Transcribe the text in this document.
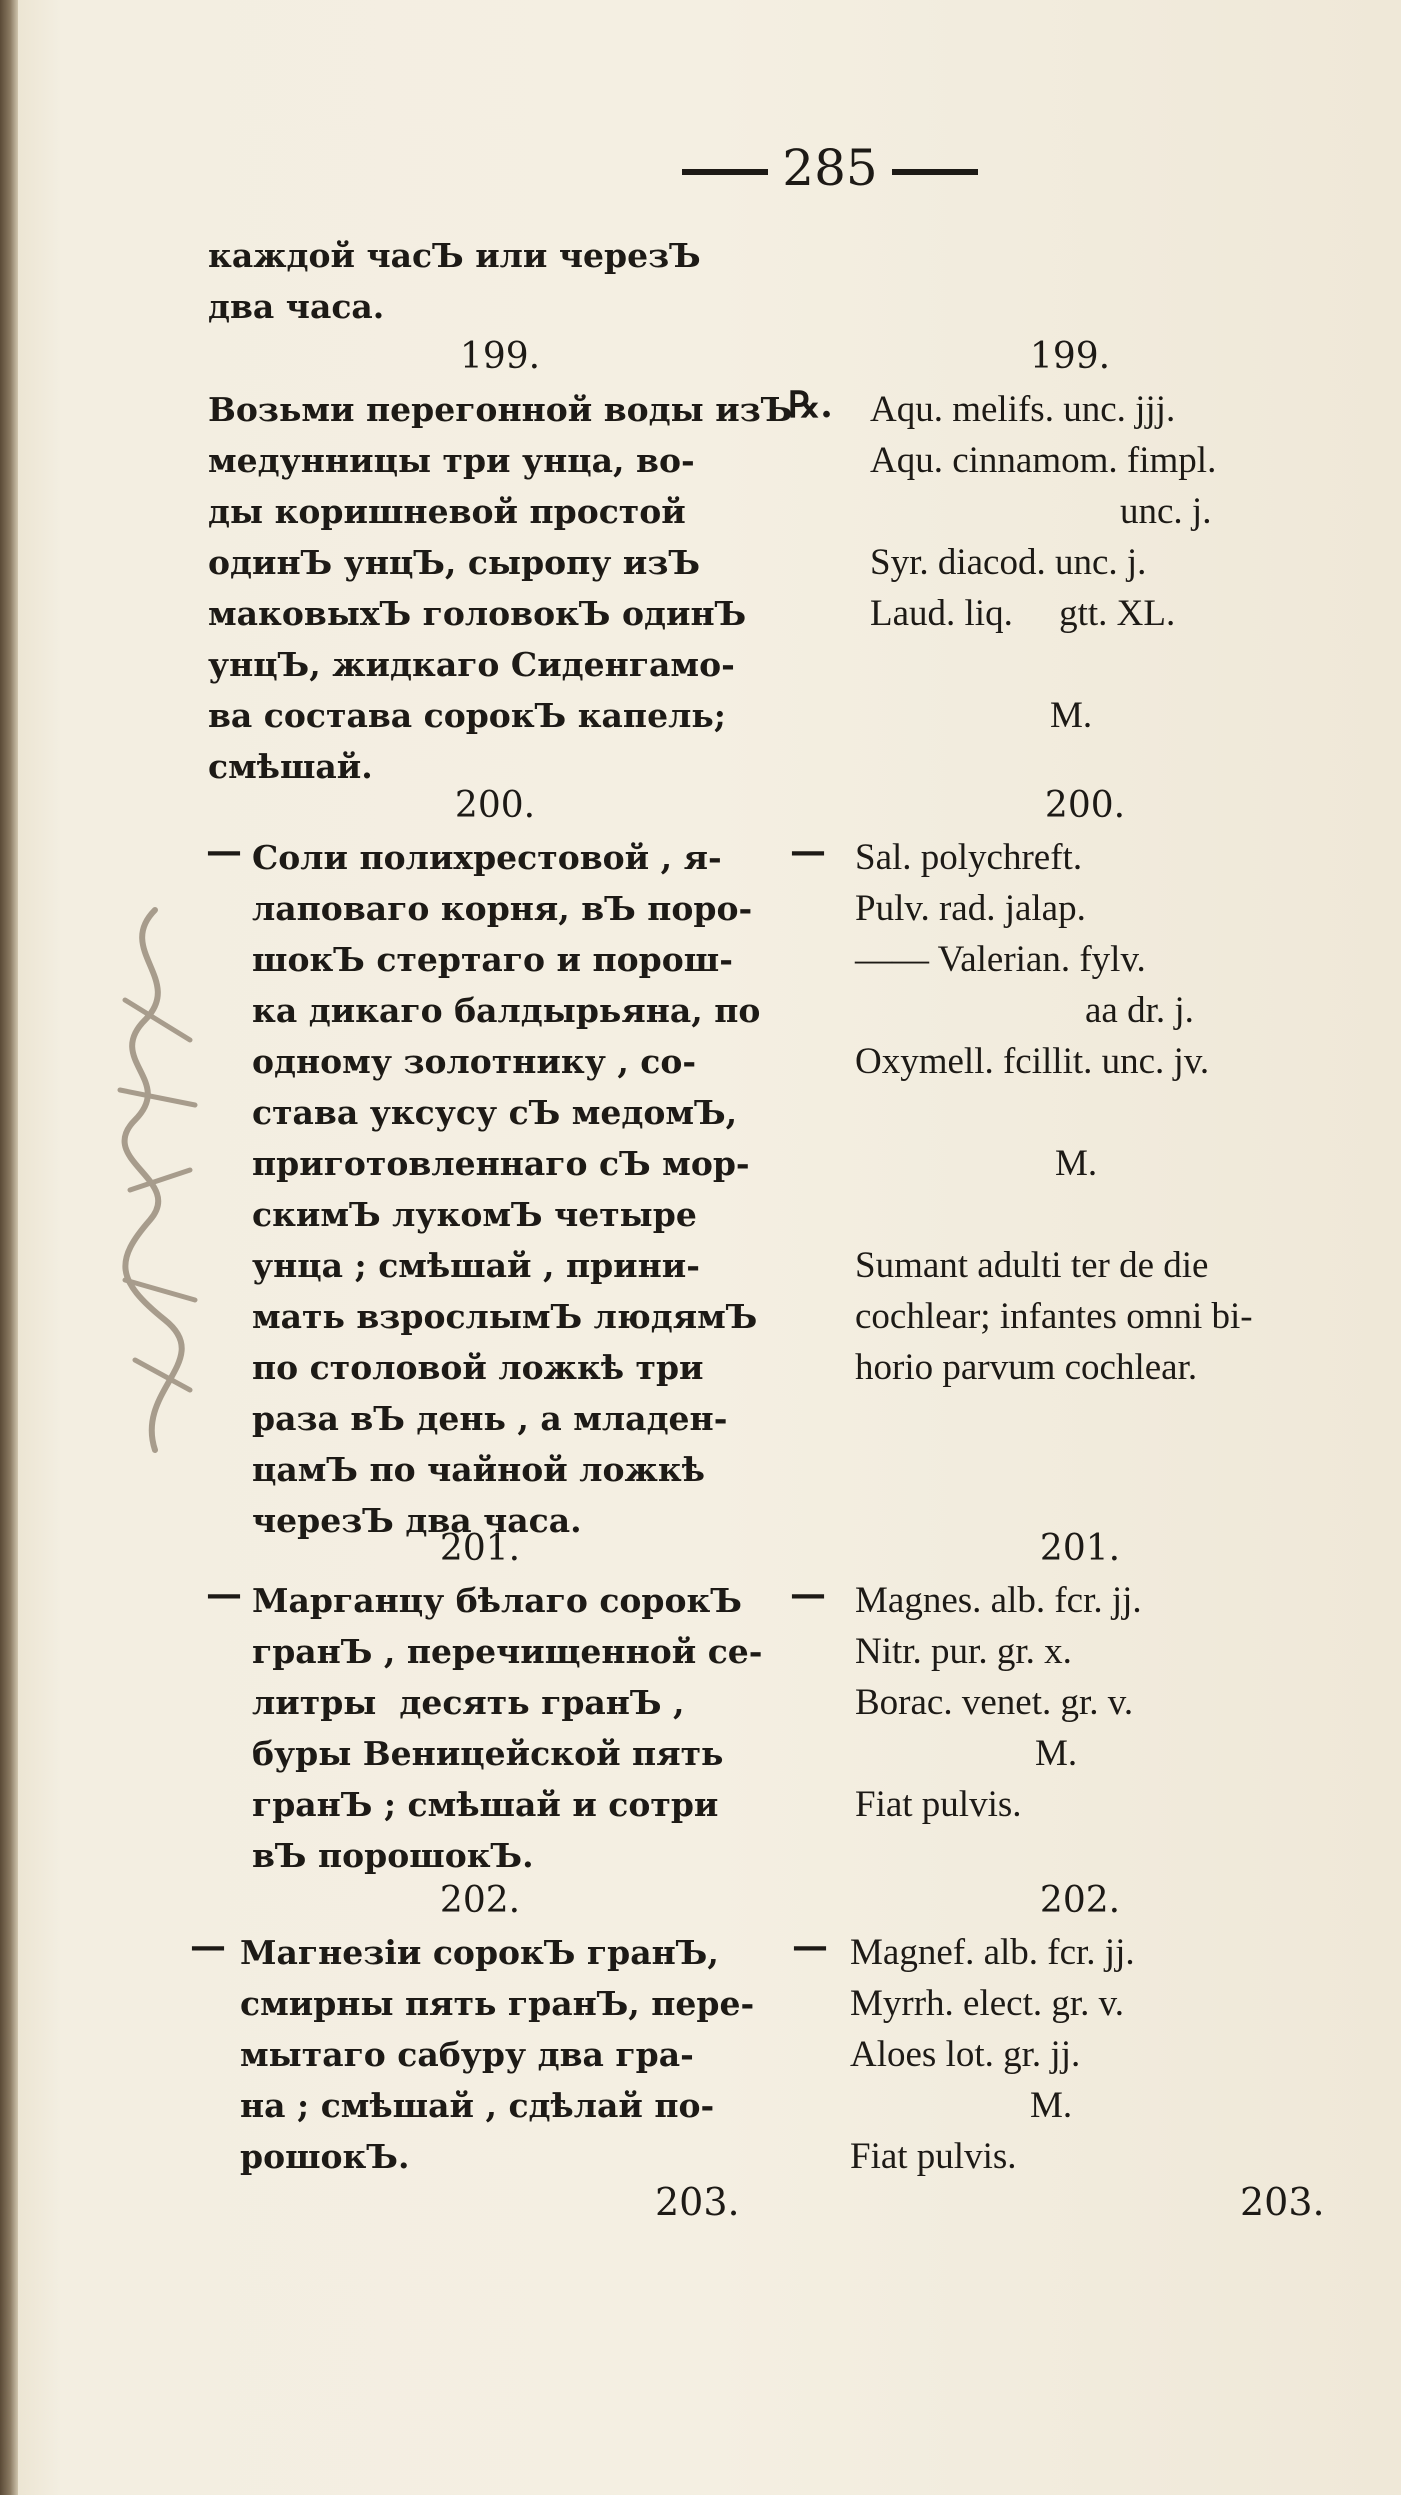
285
каждой часЪ или черезЪ
два часа.
199.	199.
℞.
Возьми перегонной воды изЪ
медунницы три унца, во-
ды коришневой простой
одинЪ унцЪ, сыропу изЪ
маковыхЪ головокЪ одинЪ
унцЪ, жидкаго Сиденгамо-
ва состава сорокЪ капель;
смѣшай.
Aqu. melifs. unc. jjj.
Aqu. cinnamom. fimpl.
unc. j.
Syr. diacod. unc. j.
Laud. liq.     gtt. XL.
M.
200.	200.
—	—
Соли полихрестовой , я-
лаповаго корня, вЪ поро-
шокЪ стертаго и порош-
ка дикаго балдырьяна, по
одному золотнику , со-
става уксусу сЪ медомЪ,
приготовленнаго сЪ мор-
скимЪ лукомЪ четыре
унца ; смѣшай , прини-
мать взрослымЪ людямЪ
по столовой ложкѣ три
раза вЪ день , а младен-
цамЪ по чайной ложкѣ
черезЪ два часа.
Sal. polychreft.
Pulv. rad. jalap.
—— Valerian. fylv.
aa dr. j.
Oxymell. fcillit. unc. jv.
M.
Sumant adulti ter de die
cochlear; infantes omni bi-
horio parvum cochlear.
201.	201.
—	—
Марганцу бѣлаго сорокЪ
гранЪ , перечищенной се-
литры  десять гранЪ ,
буры Веницейской пять
гранЪ ; смѣшай и сотри
вЪ порошокЪ.
Magnes. alb. fcr. jj.
Nitr. pur. gr. x.
Borac. venet. gr. v.
M.
Fiat pulvis.
202.	202.
—	—
Магнезіи сорокЪ гранЪ,
смирны пять гранЪ, пере-
мытаго сабуру два гра-
на ; смѣшай , сдѣлай по-
рошокЪ.
Magnef. alb. fcr. jj.
Myrrh. elect. gr. v.
Aloes lot. gr. jj.
M.
Fiat pulvis.
203.	203.
